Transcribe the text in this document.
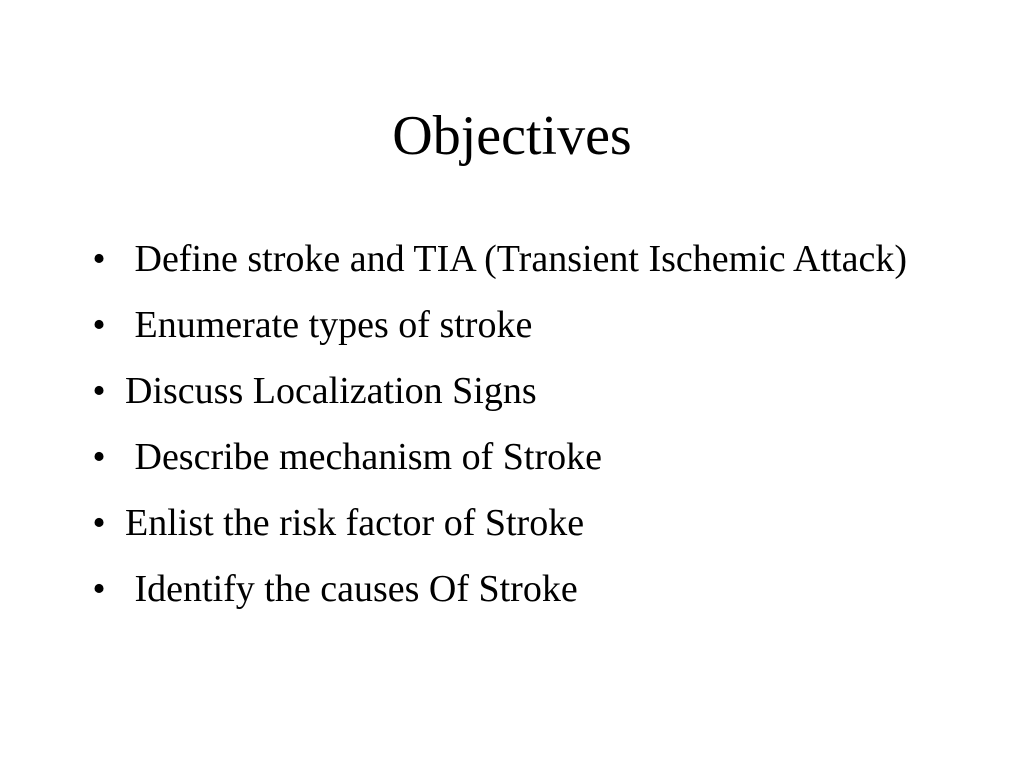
Objectives
• Define stroke and TIA (Transient Ischemic Attack)
• Enumerate types of stroke
• Discuss Localization Signs
• Describe mechanism of Stroke
• Enlist the risk factor of Stroke
• Identify the causes Of Stroke
